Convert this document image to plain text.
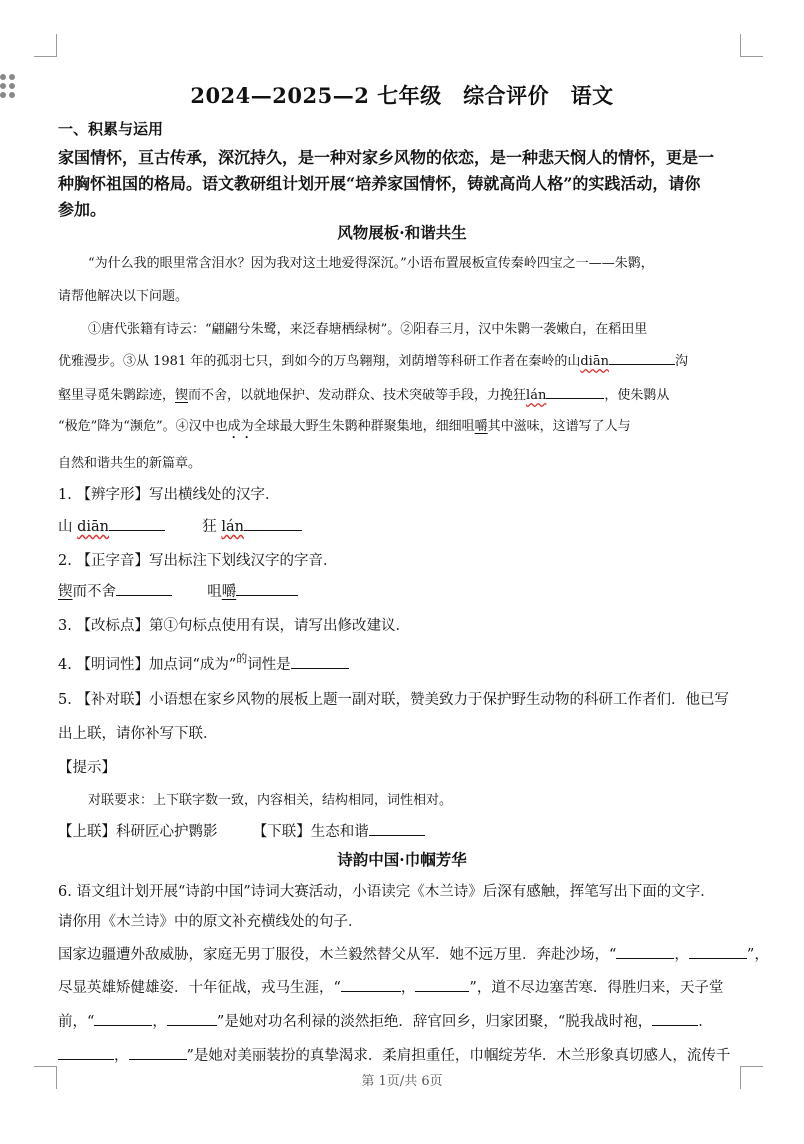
2024—2025—2 七年级　综合评价　语文
一、积累与运用
家国情怀，亘古传承，深沉持久，是一种对家乡风物的依恋，是一种悲天悯人的情怀，更是一
种胸怀祖国的格局。语文教研组计划开展“培养家国情怀，铸就高尚人格”的实践活动，请你
参加。
风物展板·和谐共生
“为什么我的眼里常含泪水？因为我对这土地爱得深沉。”小语布置展板宣传秦岭四宝之一——朱鹮，
请帮他解决以下问题。
①唐代张籍有诗云：“翩翩兮朱鹭，来泛春塘栖绿树”。②阳春三月，汉中朱鹮一袭嫩白，在稻田里
优雅漫步。③从 1981 年的孤羽七只，到如今的万鸟翱翔，刘荫增等科研工作者在秦岭的山diān	沟
壑里寻觅朱鹮踪迹，锲而不舍，以就地保护、发动群众、技术突破等手段，力挽狂lán	，使朱鹮从
“极危”降为“濒危”。④汉中也成为全球最大野生朱鹮种群聚集地，细细咀嚼其中滋味，这谱写了人与
自然和谐共生的新篇章。
1. 【辨字形】写出横线处的汉字．
山 diān	狂 lán
2. 【正字音】写出标注下划线汉字的字音．
锲而不舍	咀嚼
3. 【改标点】第①句标点使用有误，请写出修改建议．
4. 【明词性】加点词“成为”$^的$词性是
5. 【补对联】小语想在家乡风物的展板上题一副对联，赞美致力于保护野生动物的科研工作者们．他已写
出上联，请你补写下联．
【提示】
对联要求：上下联字数一致，内容相关，结构相同，词性相对。
【上联】科研匠心护鹮影 【下联】生态和谐
诗韵中国·巾帼芳华
6. 语文组计划开展“诗韵中国”诗词大赛活动，小语读完《木兰诗》后深有感触，挥笔写出下面的文字．
请你用《木兰诗》中的原文补充横线处的句子．
国家边疆遭外敌威胁，家庭无男丁服役，木兰毅然替父从军．她不远万里．奔赴沙场，“	，	”，
尽显英雄矫健雄姿．十年征战，戎马生涯，“	，	”，道不尽边塞苦寒．得胜归来，天子堂
前，“	，	”是她对功名利禄的淡然拒绝．辞官回乡，归家团聚，“脱我战时袍，	．
，	”是她对美丽装扮的真挚渴求．柔肩担重任，巾帼绽芳华．木兰形象真切感人，流传千
第 1页/共 6页
